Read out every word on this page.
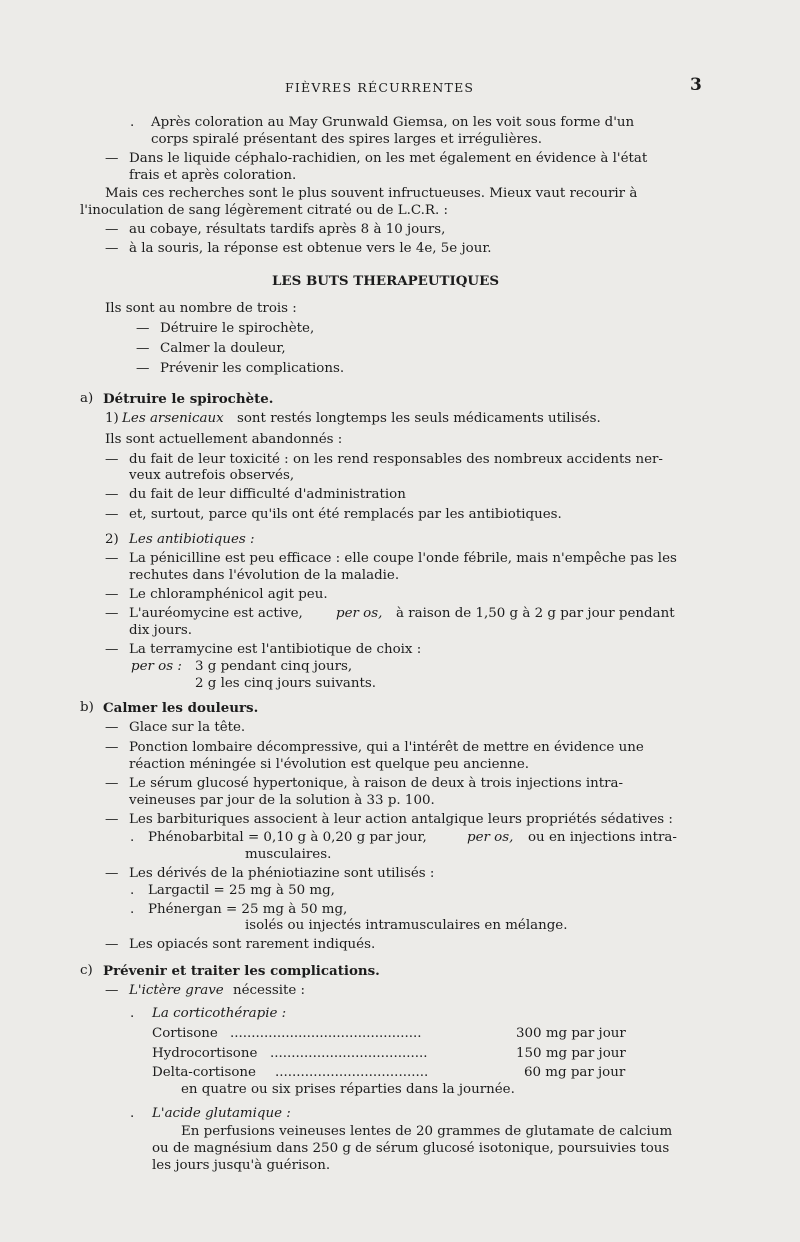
FIÈVRES RÉCURRENTES	3
. Après coloration au May Grunwald Giemsa, on les voit sous forme d'un
corps spiralé présentant des spires larges et irrégulières.
— Dans le liquide céphalo-rachidien, on les met également en évidence à l'état
frais et après coloration.
Mais ces recherches sont le plus souvent infructueuses. Mieux vaut recourir à
l'inoculation de sang légèrement citraté ou de L.C.R. :
— au cobaye, résultats tardifs après 8 à 10 jours,
— à la souris, la réponse est obtenue vers le 4e, 5e jour.
LES BUTS THERAPEUTIQUES
Ils sont au nombre de trois :
— Détruire le spirochète,
— Calmer la douleur,
— Prévenir les complications.
a) Détruire le spirochète.
1) Les arsenicaux sont restés longtemps les seuls médicaments utilisés.
Ils sont actuellement abandonnés :
— du fait de leur toxicité : on les rend responsables des nombreux accidents ner-
veux autrefois observés,
— du fait de leur difficulté d'administration
— et, surtout, parce qu'ils ont été remplacés par les antibiotiques.
2) Les antibiotiques :
— La pénicilline est peu efficace : elle coupe l'onde fébrile, mais n'empêche pas les
rechutes dans l'évolution de la maladie.
— Le chloramphénicol agit peu.
— L'auréomycine est active, per os, à raison de 1,50 g à 2 g par jour pendant
dix jours.
— La terramycine est l'antibiotique de choix :
per os : 3 g pendant cinq jours,
2 g les cinq jours suivants.
b) Calmer les douleurs.
— Glace sur la tête.
— Ponction lombaire décompressive, qui a l'intérêt de mettre en évidence une
réaction méningée si l'évolution est quelque peu ancienne.
— Le sérum glucosé hypertonique, à raison de deux à trois injections intra-
veineuses par jour de la solution à 33 p. 100.
— Les barbituriques associent à leur action antalgique leurs propriétés sédatives :
. Phénobarbital = 0,10 g à 0,20 g par jour,	per os, ou en injections intra-
musculaires.
— Les dérivés de la phéniotiazine sont utilisés :
. Largactil = 25 mg à 50 mg,
. Phénergan = 25 mg à 50 mg,
isolés ou injectés intramusculaires en mélange.
— Les opiacés sont rarement indiqués.
c) Prévenir et traiter les complications.
— L'ictère grave nécessite :
. La corticothérapie :
Cortisone .............................................	300 mg par jour
Hydrocortisone .....................................	150 mg par jour
Delta-cortisone ....................................	60 mg par jour
en quatre ou six prises réparties dans la journée.
. L'acide glutamique :
En perfusions veineuses lentes de 20 grammes de glutamate de calcium
ou de magnésium dans 250 g de sérum glucosé isotonique, poursuivies tous
les jours jusqu'à guérison.
